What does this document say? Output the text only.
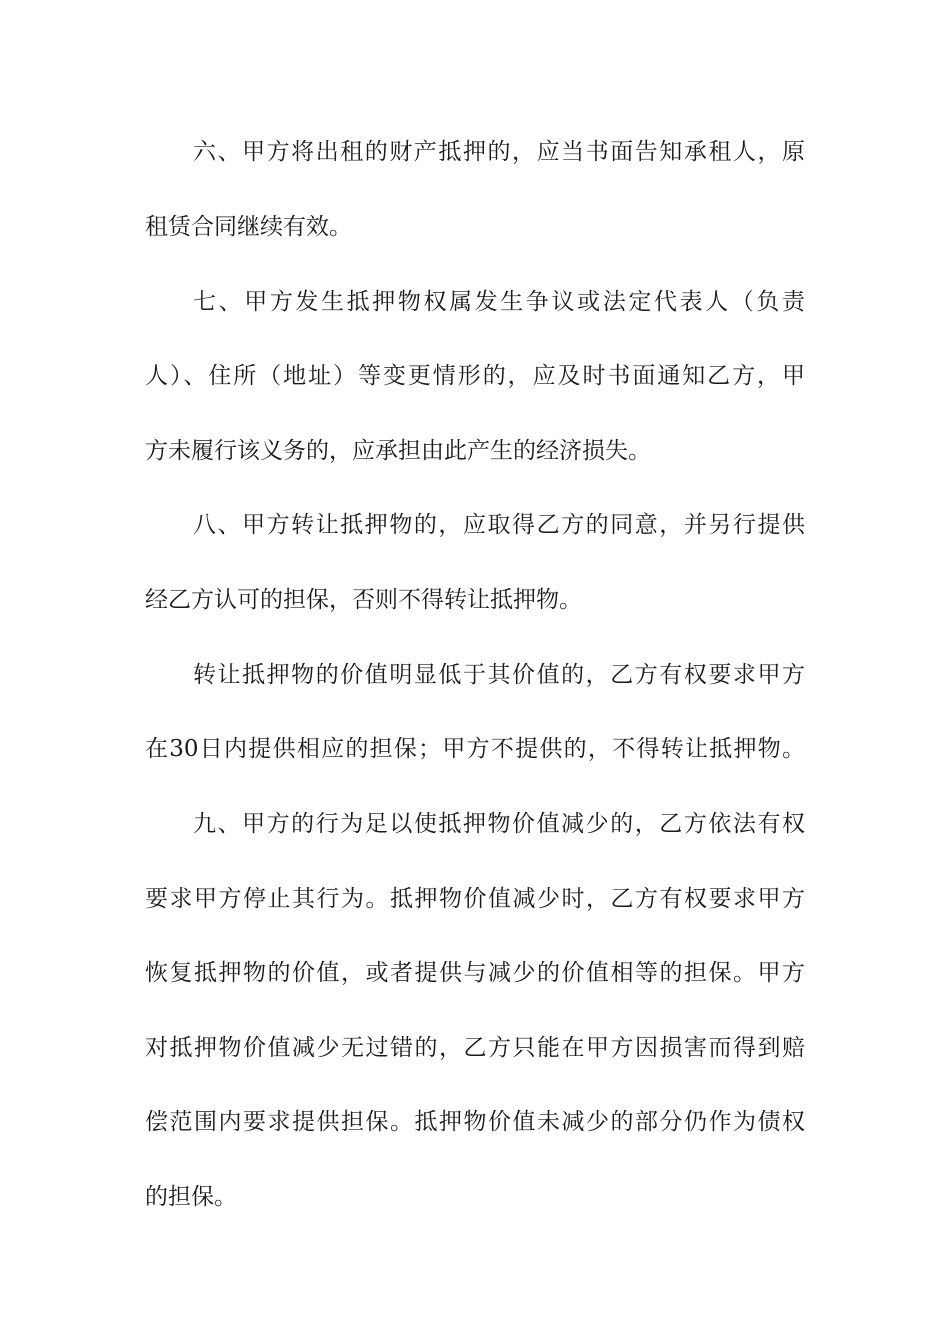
六、甲方将出租的财产抵押的，应当书面告知承租人，原
租赁合同继续有效。
七、甲方发生抵押物权属发生争议或法定代表人（负责
人）、住所（地址）等变更情形的，应及时书面通知乙方，甲
方未履行该义务的，应承担由此产生的经济损失。
八、甲方转让抵押物的，应取得乙方的同意，并另行提供
经乙方认可的担保，否则不得转让抵押物。
转让抵押物的价值明显低于其价值的，乙方有权要求甲方
在30日内提供相应的担保；甲方不提供的，不得转让抵押物。
九、甲方的行为足以使抵押物价值减少的，乙方依法有权
要求甲方停止其行为。抵押物价值减少时，乙方有权要求甲方
恢复抵押物的价值，或者提供与减少的价值相等的担保。甲方
对抵押物价值减少无过错的，乙方只能在甲方因损害而得到赔
偿范围内要求提供担保。抵押物价值未减少的部分仍作为债权
的担保。
